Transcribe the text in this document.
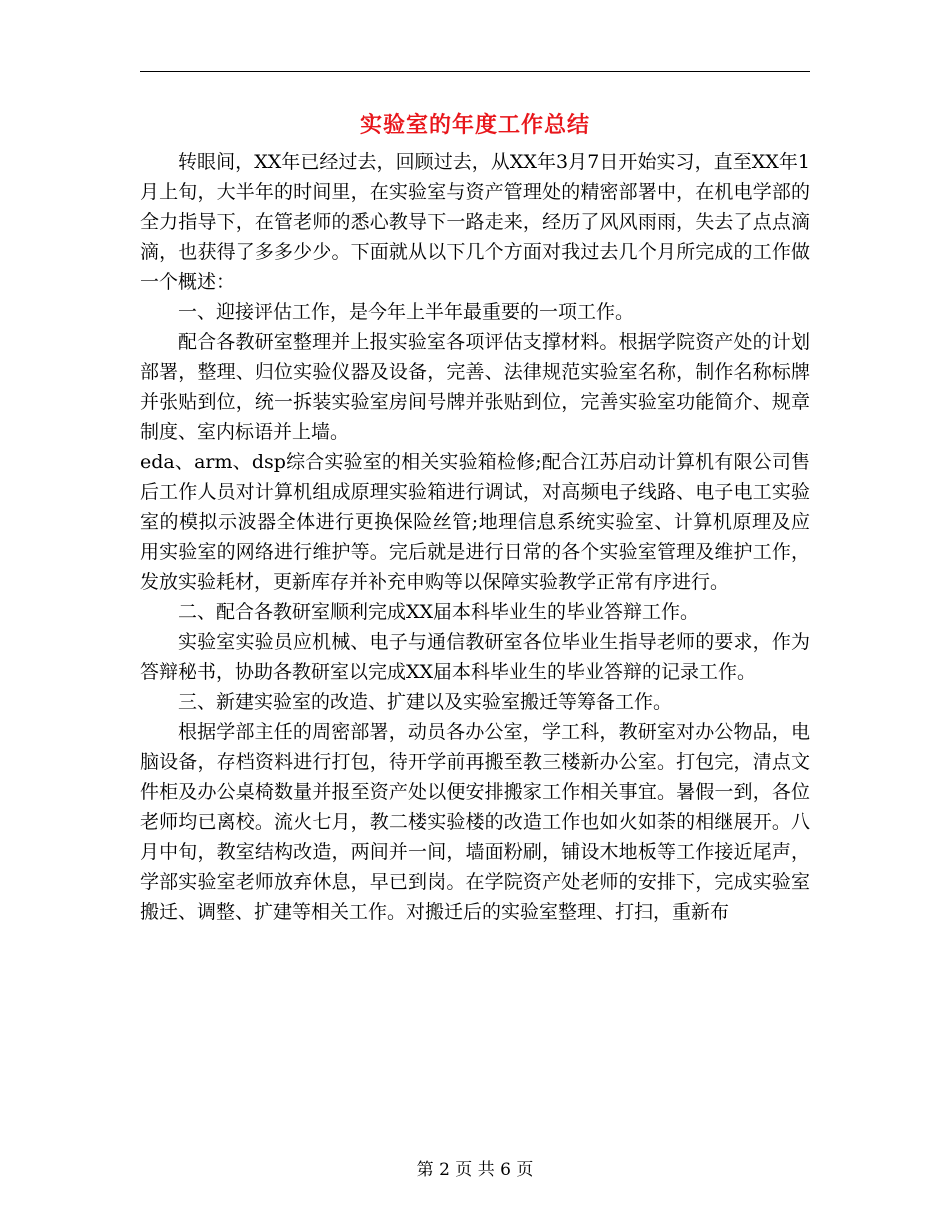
实验室的年度工作总结

转眼间，XX年已经过去，回顾过去，从XX年3月7日开始实习，直至XX年1月上旬，大半年的时间里，在实验室与资产管理处的精密部署中，在机电学部的全力指导下，在管老师的悉心教导下一路走来，经历了风风雨雨，失去了点点滴滴，也获得了多多少少。下面就从以下几个方面对我过去几个月所完成的工作做一个概述：

一、迎接评估工作，是今年上半年最重要的一项工作。

配合各教研室整理并上报实验室各项评估支撑材料。根据学院资产处的计划部署，整理、归位实验仪器及设备，完善、法律规范实验室名称，制作名称标牌并张贴到位，统一拆装实验室房间号牌并张贴到位，完善实验室功能简介、规章制度、室内标语并上墙。

eda、arm、dsp综合实验室的相关实验箱检修;配合江苏启动计算机有限公司售后工作人员对计算机组成原理实验箱进行调试，对高频电子线路、电子电工实验室的模拟示波器全体进行更换保险丝管;地理信息系统实验室、计算机原理及应用实验室的网络进行维护等。完后就是进行日常的各个实验室管理及维护工作，发放实验耗材，更新库存并补充申购等以保障实验教学正常有序进行。

二、配合各教研室顺利完成XX届本科毕业生的毕业答辩工作。

实验室实验员应机械、电子与通信教研室各位毕业生指导老师的要求，作为答辩秘书，协助各教研室以完成XX届本科毕业生的毕业答辩的记录工作。

三、新建实验室的改造、扩建以及实验室搬迁等筹备工作。

根据学部主任的周密部署，动员各办公室，学工科，教研室对办公物品，电脑设备，存档资料进行打包，待开学前再搬至教三楼新办公室。打包完，清点文件柜及办公桌椅数量并报至资产处以便安排搬家工作相关事宜。暑假一到，各位老师均已离校。流火七月，教二楼实验楼的改造工作也如火如荼的相继展开。八月中旬，教室结构改造，两间并一间，墙面粉刷，铺设木地板等工作接近尾声，学部实验室老师放弃休息，早已到岗。在学院资产处老师的安排下，完成实验室搬迁、调整、扩建等相关工作。对搬迁后的实验室整理、打扫，重新布

第 2 页 共 6 页
